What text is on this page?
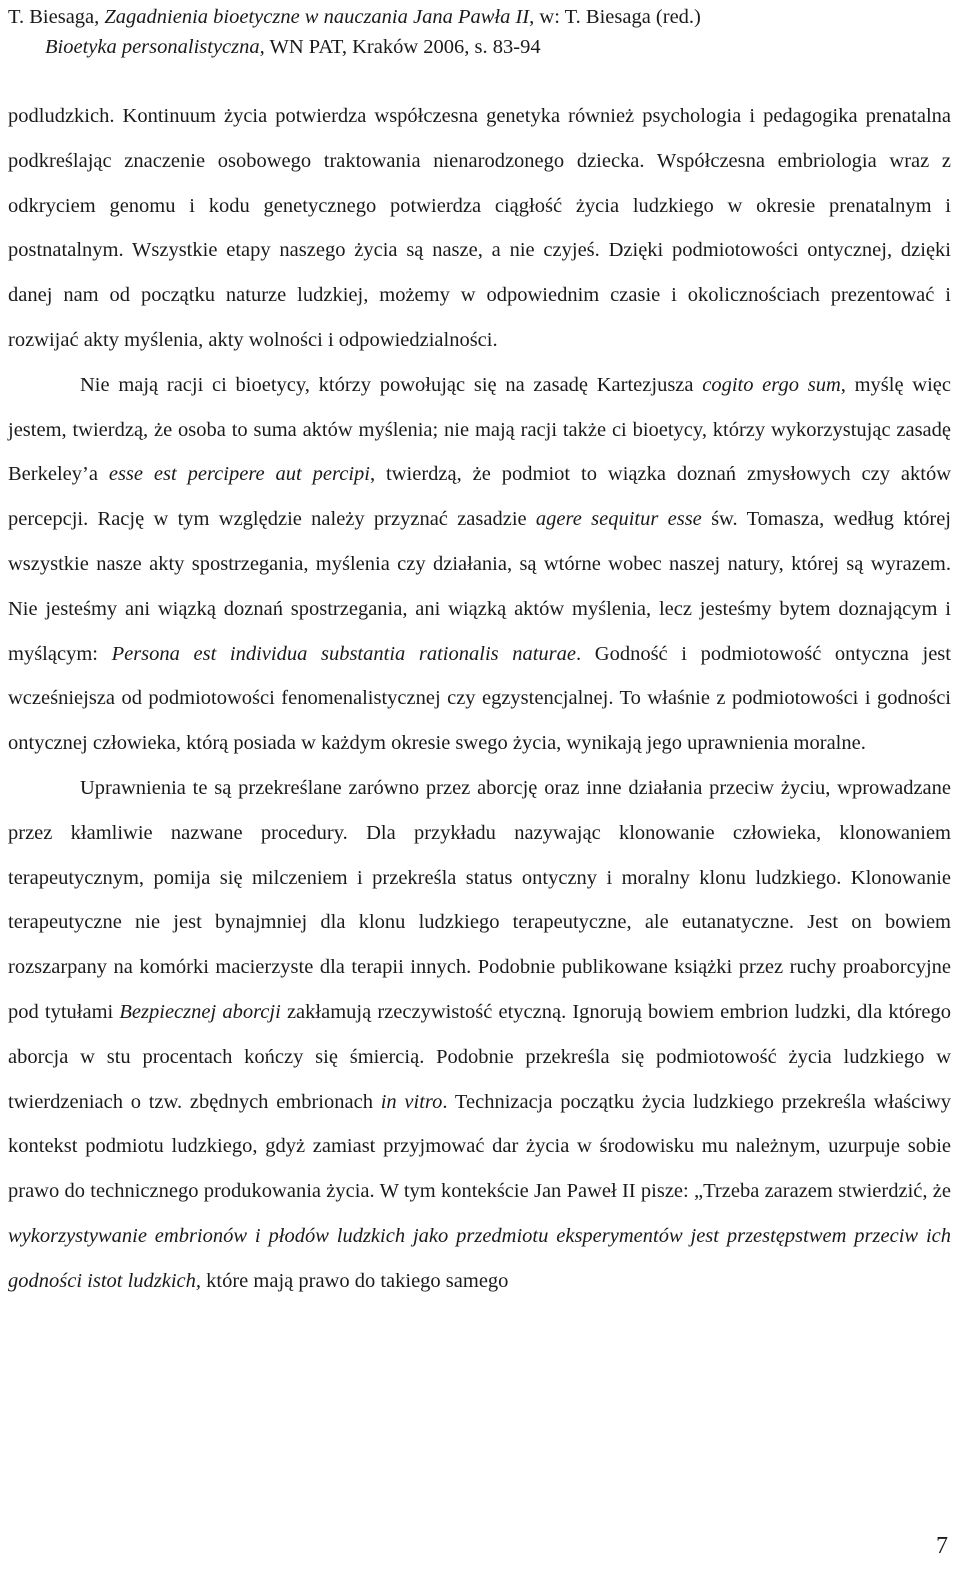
T. Biesaga, Zagadnienia bioetyczne w nauczania Jana Pawła II, w: T. Biesaga (red.)
Bioetyka personalistyczna, WN PAT, Kraków 2006, s. 83-94

podludzkich. Kontinuum życia potwierdza współczesna genetyka również psychologia i pedagogika prenatalna podkreślając znaczenie osobowego traktowania nienarodzonego dziecka. Współczesna embriologia wraz z odkryciem genomu i kodu genetycznego potwierdza ciągłość życia ludzkiego w okresie prenatalnym i postnatalnym. Wszystkie etapy naszego życia są nasze, a nie czyjeś. Dzięki podmiotowości ontycznej, dzięki danej nam od początku naturze ludzkiej, możemy w odpowiednim czasie i okolicznościach prezentować i rozwijać akty myślenia, akty wolności i odpowiedzialności.

Nie mają racji ci bioetycy, którzy powołując się na zasadę Kartezjusza cogito ergo sum, myślę więc jestem, twierdzą, że osoba to suma aktów myślenia; nie mają racji także ci bioetycy, którzy wykorzystując zasadę Berkeley’a esse est percipere aut percipi, twierdzą, że podmiot to wiązka doznań zmysłowych czy aktów percepcji. Rację w tym względzie należy przyznać zasadzie agere sequitur esse św. Tomasza, według której wszystkie nasze akty spostrzegania, myślenia czy działania, są wtórne wobec naszej natury, której są wyrazem. Nie jesteśmy ani wiązką doznań spostrzegania, ani wiązką aktów myślenia, lecz jesteśmy bytem doznającym i myślącym: Persona est individua substantia rationalis naturae. Godność i podmiotowość ontyczna jest wcześniejsza od podmiotowości fenomenalistycznej czy egzystencjalnej. To właśnie z podmiotowości i godności ontycznej człowieka, którą posiada w każdym okresie swego życia, wynikają jego uprawnienia moralne.

Uprawnienia te są przekreślane zarówno przez aborcję oraz inne działania przeciw życiu, wprowadzane przez kłamliwie nazwane procedury. Dla przykładu nazywając klonowanie człowieka, klonowaniem terapeutycznym, pomija się milczeniem i przekreśla status ontyczny i moralny klonu ludzkiego. Klonowanie terapeutyczne nie jest bynajmniej dla klonu ludzkiego terapeutyczne, ale eutanatyczne. Jest on bowiem rozszarpany na komórki macierzyste dla terapii innych. Podobnie publikowane książki przez ruchy proaborcyjne pod tytułami Bezpiecznej aborcji zakłamują rzeczywistość etyczną. Ignorują bowiem embrion ludzki, dla którego aborcja w stu procentach kończy się śmiercią. Podobnie przekreśla się podmiotowość życia ludzkiego w twierdzeniach o tzw. zbędnych embrionach in vitro. Technizacja początku życia ludzkiego przekreśla właściwy kontekst podmiotu ludzkiego, gdyż zamiast przyjmować dar życia w środowisku mu należnym, uzurpuje sobie prawo do technicznego produkowania życia. W tym kontekście Jan Paweł II pisze: „Trzeba zarazem stwierdzić, że wykorzystywanie embrionów i płodów ludzkich jako przedmiotu eksperymentów jest przestępstwem przeciw ich godności istot ludzkich, które mają prawo do takiego samego

7
